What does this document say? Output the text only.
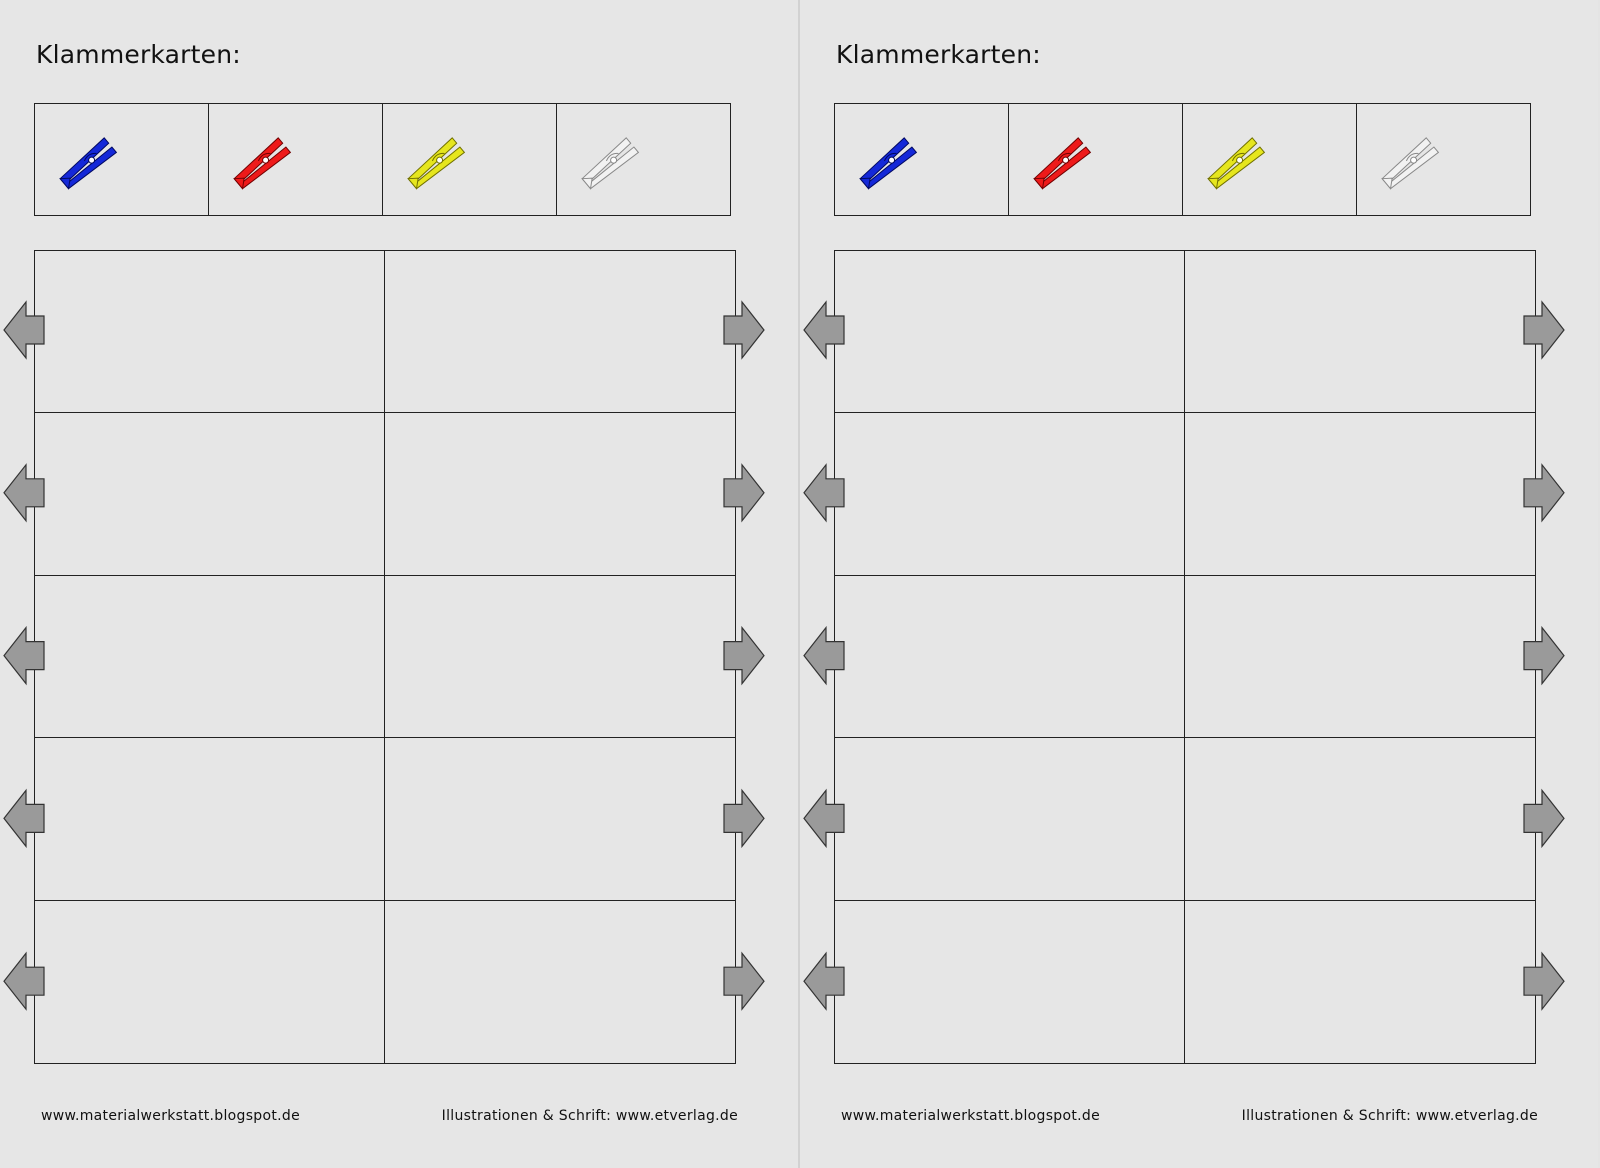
Klammerkarten:
www.materialwerkstatt.blogspot.de	Illustrationen & Schrift: www.etverlag.de
Klammerkarten:
www.materialwerkstatt.blogspot.de	Illustrationen & Schrift: www.etverlag.de
